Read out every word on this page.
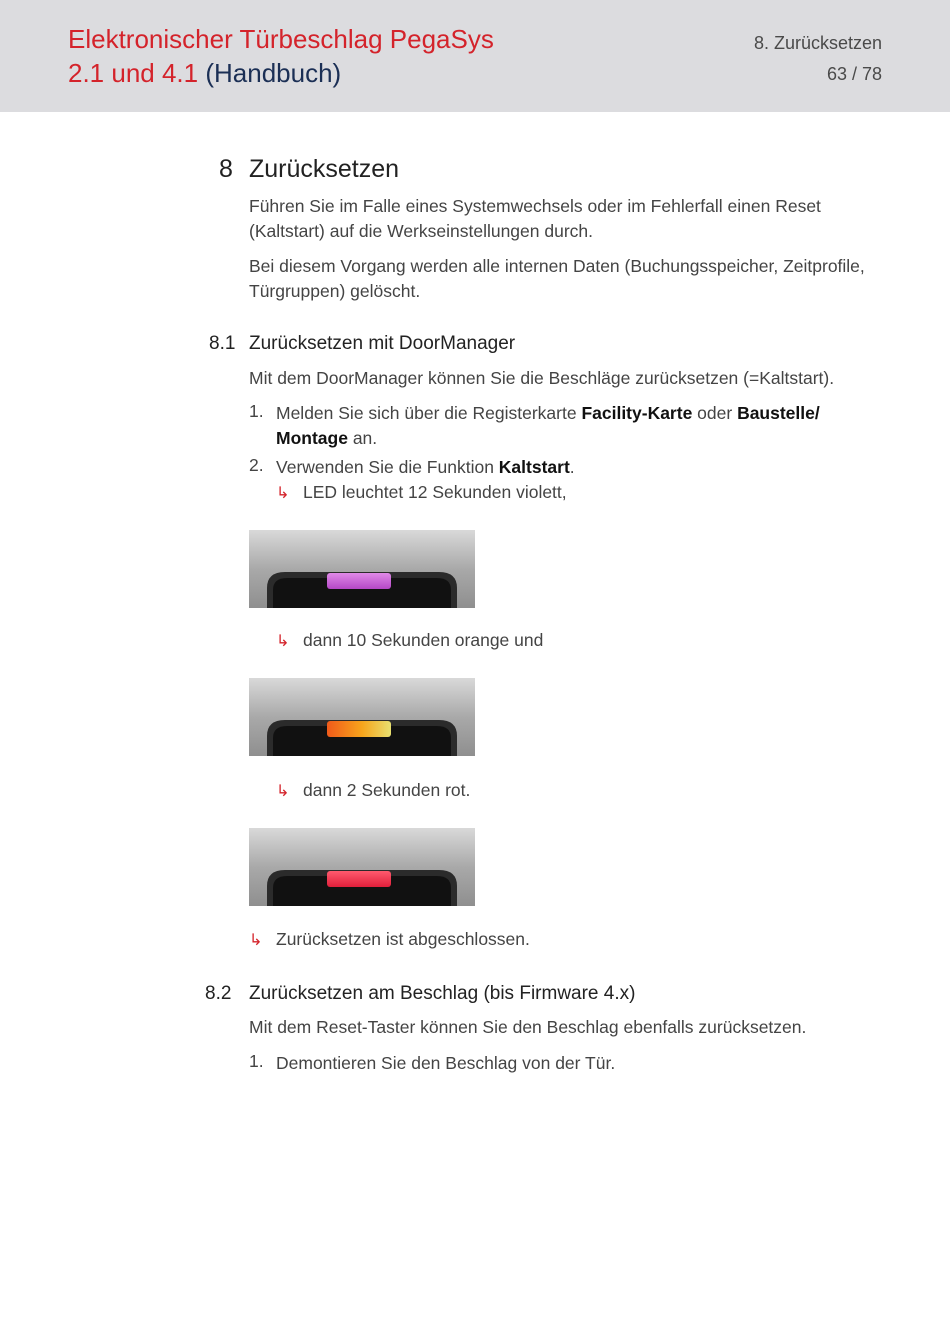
Elektronischer Türbeschlag PegaSys
2.1 und 4.1 (Handbuch)
8. Zurücksetzen
63 / 78
8 Zurücksetzen
Führen Sie im Falle eines Systemwechsels oder im Fehlerfall einen Reset (Kaltstart) auf die Werkseinstellungen durch.
Bei diesem Vorgang werden alle internen Daten (Buchungsspeicher, Zeitprofile, Türgruppen) gelöscht.
8.1 Zurücksetzen mit DoorManager
Mit dem DoorManager können Sie die Beschläge zurücksetzen (=Kaltstart).
1. Melden Sie sich über die Registerkarte Facility-Karte oder Baustelle/ Montage an.
2. Verwenden Sie die Funktion Kaltstart.
↳ LED leuchtet 12 Sekunden violett,
↳ dann 10 Sekunden orange und
↳ dann 2 Sekunden rot.
↳ Zurücksetzen ist abgeschlossen.
8.2 Zurücksetzen am Beschlag (bis Firmware 4.x)
Mit dem Reset-Taster können Sie den Beschlag ebenfalls zurücksetzen.
1. Demontieren Sie den Beschlag von der Tür.
